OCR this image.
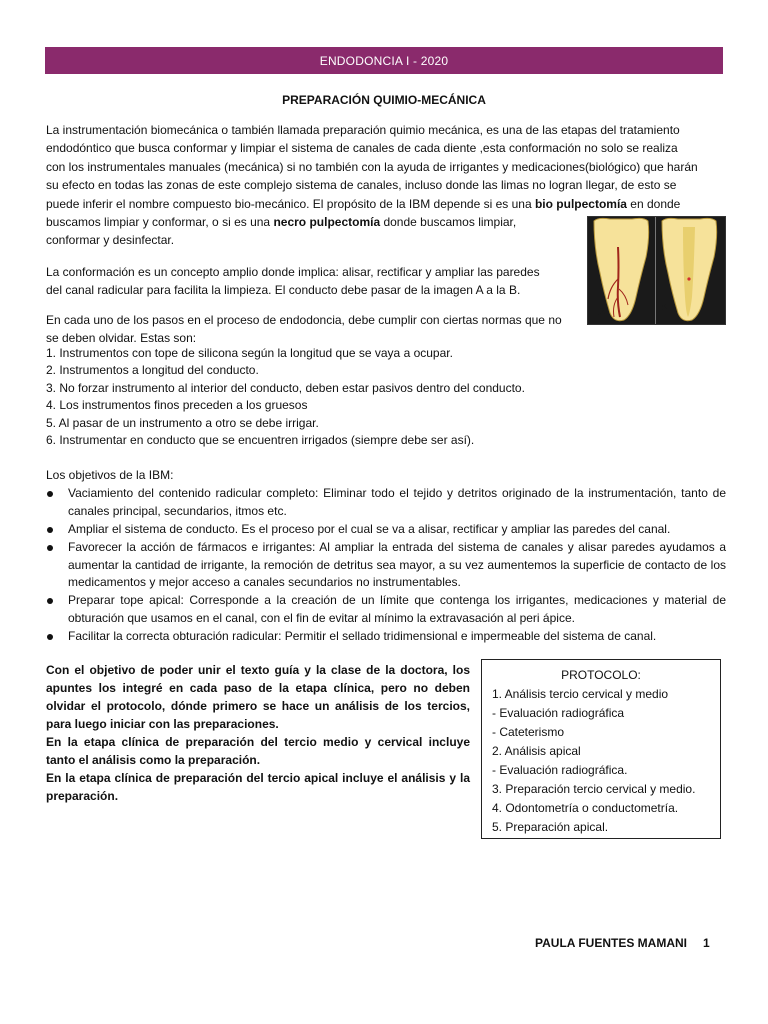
ENDODONCIA I - 2020
PREPARACIÓN QUIMIO-MECÁNICA
La instrumentación biomecánica o también llamada preparación quimio mecánica, es una de las etapas del tratamiento
endodóntico que busca conformar y limpiar el sistema de canales de cada diente ,esta conformación no solo se realiza
con los instrumentales manuales (mecánica) si no también con la ayuda de irrigantes y medicaciones(biológico) que harán
su efecto en todas las zonas de este complejo sistema de canales, incluso donde las limas no logran llegar, de esto se
puede inferir el nombre compuesto bio-mecánico. El propósito de la IBM depende si es una bio pulpectomía en donde
buscamos limpiar y conformar, o si es una necro pulpectomía donde buscamos limpiar,
conformar y desinfectar.
La conformación es un concepto amplio donde implica: alisar, rectificar y ampliar las paredes
del canal radicular para facilita la limpieza. El conducto debe pasar de la imagen A a la B.
En cada uno de los pasos en el proceso de endodoncia, debe cumplir con ciertas normas que no
se deben olvidar. Estas son:
A	B
1. Instrumentos con tope de silicona según la longitud que se vaya a ocupar.
2. Instrumentos a longitud del conducto.
3. No forzar instrumento al interior del conducto, deben estar pasivos dentro del conducto.
4. Los instrumentos finos preceden a los gruesos
5. Al pasar de un instrumento a otro se debe irrigar.
6. Instrumentar en conducto que se encuentren irrigados (siempre debe ser así).
Los objetivos de la IBM:
Vaciamiento del contenido radicular completo: Eliminar todo el tejido y detritos originado de la instrumentación, tanto de canales principal, secundarios, itmos etc.
Ampliar el sistema de conducto. Es el proceso por el cual se va a alisar, rectificar y ampliar las paredes del canal.
Favorecer la acción de fármacos e irrigantes: Al ampliar la entrada del sistema de canales y alisar paredes ayudamos a aumentar la cantidad de irrigante, la remoción de detritus sea mayor, a su vez aumentemos la superficie de contacto de los medicamentos y mejor acceso a canales secundarios no instrumentables.
Preparar tope apical: Corresponde a la creación de un límite que contenga los irrigantes, medicaciones y material de obturación que usamos en el canal, con el fin de evitar al mínimo la extravasación al peri ápice.
Facilitar la correcta obturación radicular: Permitir el sellado tridimensional e impermeable del sistema de canal.
Con el objetivo de poder unir el texto guía y la clase de la doctora, los apuntes los integré en cada paso de la etapa clínica, pero no deben olvidar el protocolo, dónde primero se hace un análisis de los tercios, para luego iniciar con las preparaciones.
En la etapa clínica de preparación del tercio medio y cervical incluye tanto el análisis como la preparación.
En la etapa clínica de preparación del tercio apical incluye el análisis y la preparación.
PROTOCOLO:
1. Análisis tercio cervical y medio
- Evaluación radiográfica
- Cateterismo
2. Análisis apical
- Evaluación radiográfica.
3. Preparación tercio cervical y medio.
4. Odontometría o conductometría.
5. Preparación apical.
PAULA FUENTES MAMANI 1
